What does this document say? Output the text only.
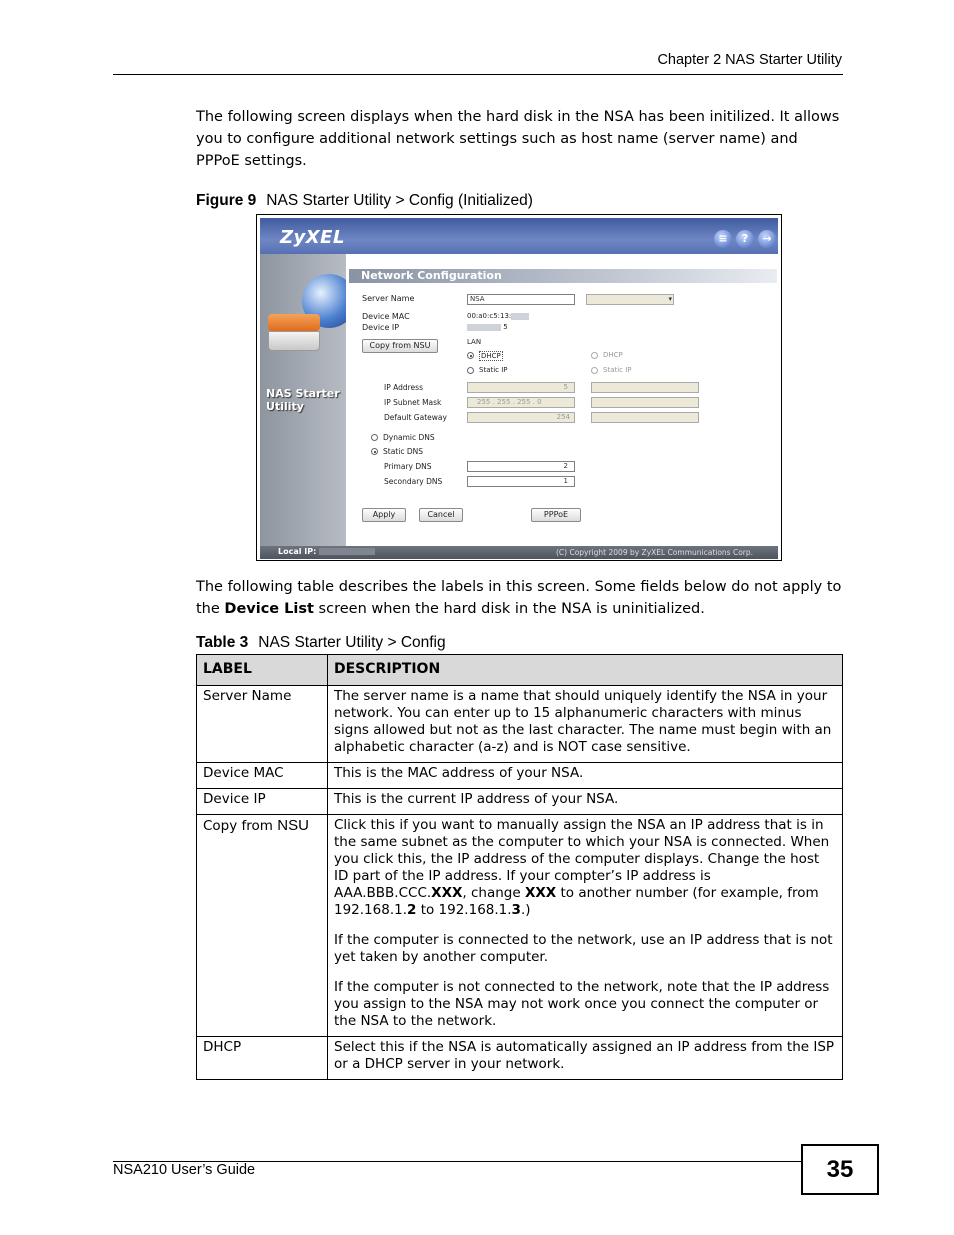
Chapter 2 NAS Starter Utility
The following screen displays when the hard disk in the NSA has been initilized. It allows you to configure additional network settings such as host name (server name) and PPPoE settings.
Figure 9 NAS Starter Utility > Config (Initialized)
ZyXEL	≡	?	→
NAS Starter Utility
Network Configuration
Server Name	NSA	▾
Device MAC	00:a0:c5:13:
Device IP	5
Copy from NSU	LAN
DHCP	DHCP
Static IP	Static IP
IP Address	5
IP Subnet Mask	255 . 255 . 255 . 0
Default Gateway	254
Dynamic DNS
Static DNS
Primary DNS	2
Secondary DNS	1
Apply	Cancel	PPPoE
Local IP:	(C) Copyright 2009 by ZyXEL Communications Corp.
The following table describes the labels in this screen. Some fields below do not apply to the Device List screen when the hard disk in the NSA is uninitialized.
Table 3 NAS Starter Utility > Config
LABEL	DESCRIPTION
Server Name	The server name is a name that should uniquely identify the NSA in your network. You can enter up to 15 alphanumeric characters with minus signs allowed but not as the last character. The name must begin with an alphabetic character (a-z) and is NOT case sensitive.
Device MAC	This is the MAC address of your NSA.
Device IP	This is the current IP address of your NSA.
Copy from NSU	Click this if you want to manually assign the NSA an IP address that is in the same subnet as the computer to which your NSA is connected. When you click this, the IP address of the computer displays. Change the host ID part of the IP address. If your compter’s IP address is AAA.BBB.CCC.XXX, change XXX to another number (for example, from 192.168.1.2 to 192.168.1.3.)

If the computer is connected to the network, use an IP address that is not yet taken by another computer.

If the computer is not connected to the network, note that the IP address you assign to the NSA may not work once you connect the computer or the NSA to the network.

DHCP	Select this if the NSA is automatically assigned an IP address from the ISP or a DHCP server in your network.
NSA210 User’s Guide	35
